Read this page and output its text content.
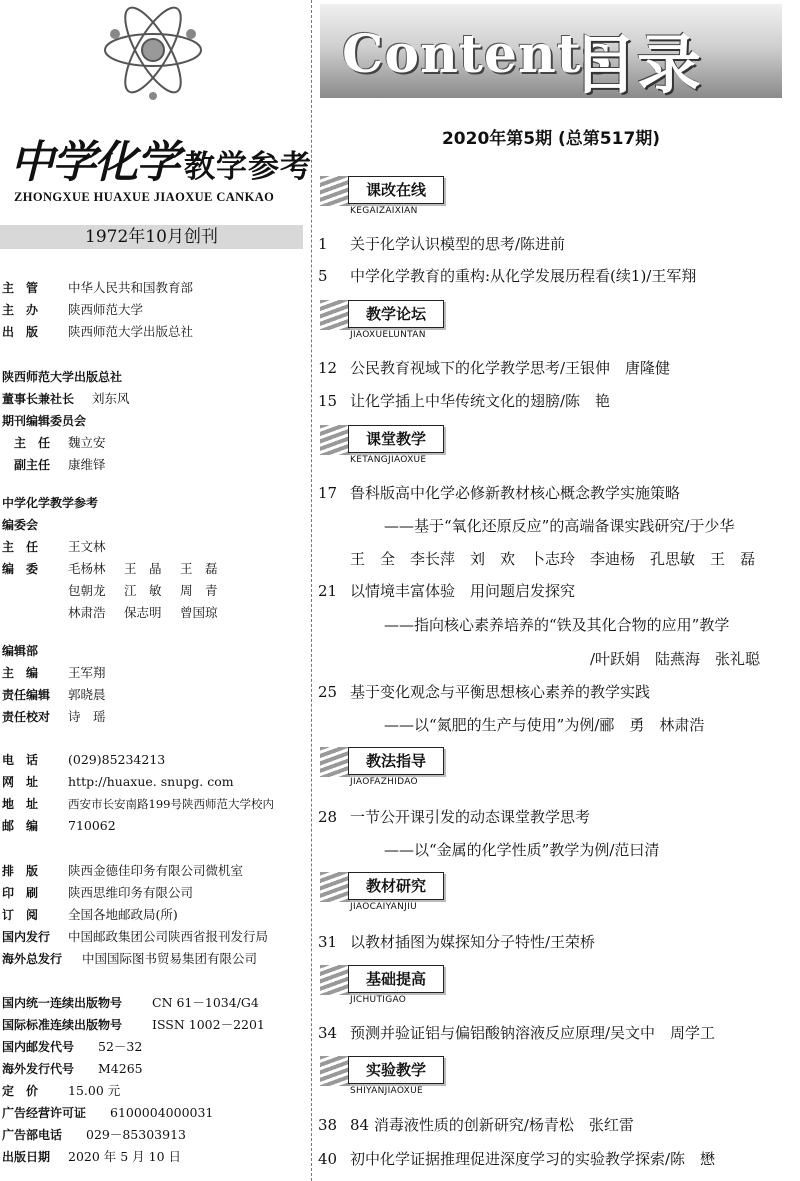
中学化学 教学参考
ZHONGXUE HUAXUE JIAOXUE CANKAO
1972年10月创刊
主　管 中华人民共和国教育部
主　办 陕西师范大学
出　版 陕西师范大学出版总社
陕西师范大学出版总社
董事长兼社长 刘东风
期刊编辑委员会
主　任 魏立安
副主任 康维铎
中学化学教学参考
编委会
主　任 王文林
编　委 毛杨林 王　晶 王　磊
包朝龙 江　敏 周　青
林肃浩 保志明 曾国琼
编辑部
主　编 王军翔
责任编辑 郭晓晨
责任校对 诗　瑶
电　话 (029)85234213
网　址 http://huaxue. snupg. com
地　址	西安市长安南路199号陕西师范大学校内
邮　编 710062
排　版 陕西金德佳印务有限公司微机室
印　刷 陕西思维印务有限公司
订　阅 全国各地邮政局(所)
国内发行 中国邮政集团公司陕西省报刊发行局
海外总发行 中国国际图书贸易集团有限公司
国内统一连续出版物号 CN 61－1034/G4
国际标准连续出版物号 ISSN 1002－2201
国内邮发代号 52－32
海外发行代号 M4265
定　价 15.00 元
广告经营许可证 6100004000031
广告部电话 029－85303913
出版日期 2020 年 5 月 10 日
Contents
目录
2020年第5期 (总第517期)
课改在线
KEGAIZAIXIAN
教学论坛
JIAOXUELUNTAN
课堂教学
KETANGJIAOXUE
教法指导
JIAOFAZHIDAO
教材研究
JIAOCAIYANJIU
基础提高
JICHUTIGAO
实验教学
SHIYANJIAOXUE
1 关于化学认识模型的思考/陈进前
5 中学化学教育的重构:从化学发展历程看(续1)/王军翔
12 公民教育视域下的化学教学思考/王银伸　唐隆健
15 让化学插上中华传统文化的翅膀/陈　艳
17 鲁科版高中化学必修新教材核心概念教学实施策略
——基于“氧化还原反应”的高端备课实践研究/于少华
王　全　李长萍　刘　欢　卜志玲　李迪杨　孔思敏　王　磊
21 以情境丰富体验　用问题启发探究
——指向核心素养培养的“铁及其化合物的应用”教学
/叶跃娟　陆燕海　张礼聪
25 基于变化观念与平衡思想核心素养的教学实践
——以“氮肥的生产与使用”为例/郦　勇　林肃浩
28 一节公开课引发的动态课堂教学思考
——以“金属的化学性质”教学为例/范曰清
31 以教材插图为媒探知分子特性/王荣桥
34 预测并验证铝与偏铝酸钠溶液反应原理/吴文中　周学工
38 84 消毒液性质的创新研究/杨青松　张红雷
40 初中化学证据推理促进深度学习的实验教学探索/陈　懋
